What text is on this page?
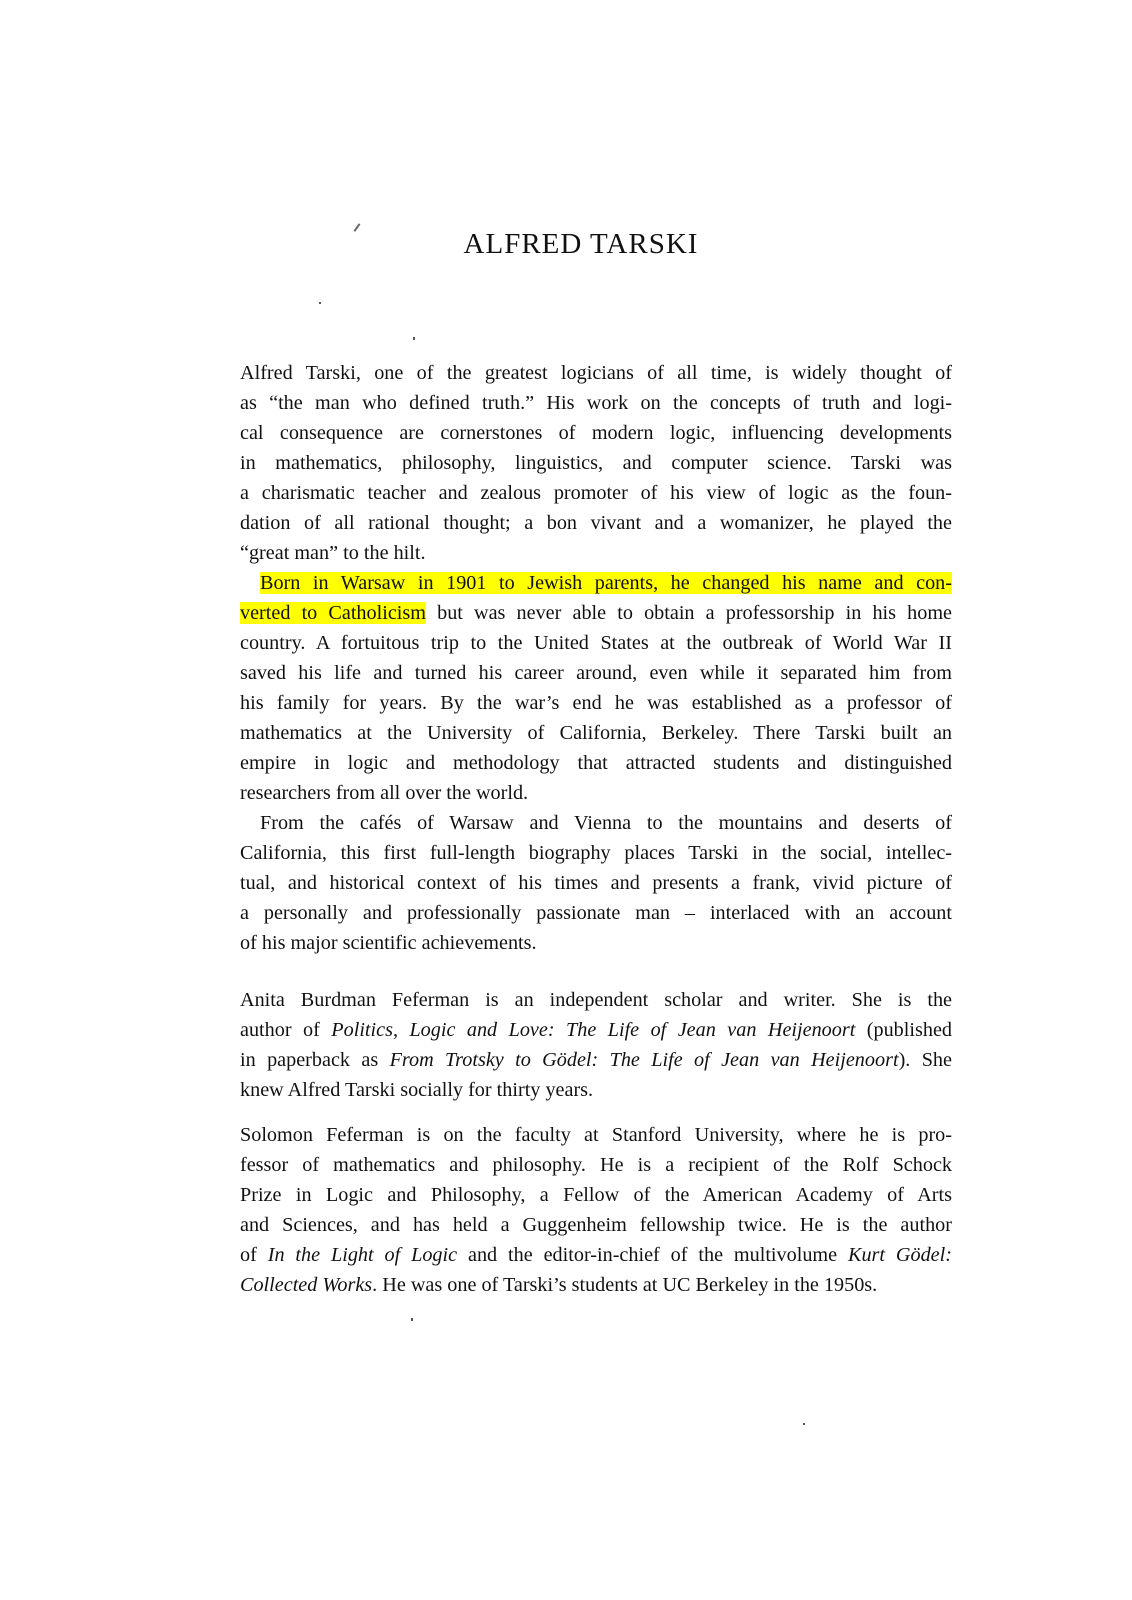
ALFRED TARSKI

Alfred Tarski, one of the greatest logicians of all time, is widely thought of
as “the man who defined truth.” His work on the concepts of truth and logi-
cal consequence are cornerstones of modern logic, influencing developments
in mathematics, philosophy, linguistics, and computer science. Tarski was
a charismatic teacher and zealous promoter of his view of logic as the foun-
dation of all rational thought; a bon vivant and a womanizer, he played the
“great man” to the hilt.

Born in Warsaw in 1901 to Jewish parents, he changed his name and con-
verted to Catholicism but was never able to obtain a professorship in his home
country. A fortuitous trip to the United States at the outbreak of World War II
saved his life and turned his career around, even while it separated him from
his family for years. By the war’s end he was established as a professor of
mathematics at the University of California, Berkeley. There Tarski built an
empire in logic and methodology that attracted students and distinguished
researchers from all over the world.

From the cafés of Warsaw and Vienna to the mountains and deserts of
California, this first full-length biography places Tarski in the social, intellec-
tual, and historical context of his times and presents a frank, vivid picture of
a personally and professionally passionate man – interlaced with an account
of his major scientific achievements.

Anita Burdman Feferman is an independent scholar and writer. She is the
author of Politics, Logic and Love: The Life of Jean van Heijenoort (published
in paperback as From Trotsky to Gödel: The Life of Jean van Heijenoort). She
knew Alfred Tarski socially for thirty years.

Solomon Feferman is on the faculty at Stanford University, where he is pro-
fessor of mathematics and philosophy. He is a recipient of the Rolf Schock
Prize in Logic and Philosophy, a Fellow of the American Academy of Arts
and Sciences, and has held a Guggenheim fellowship twice. He is the author
of In the Light of Logic and the editor-in-chief of the multivolume Kurt Gödel:
Collected Works. He was one of Tarski’s students at UC Berkeley in the 1950s.
